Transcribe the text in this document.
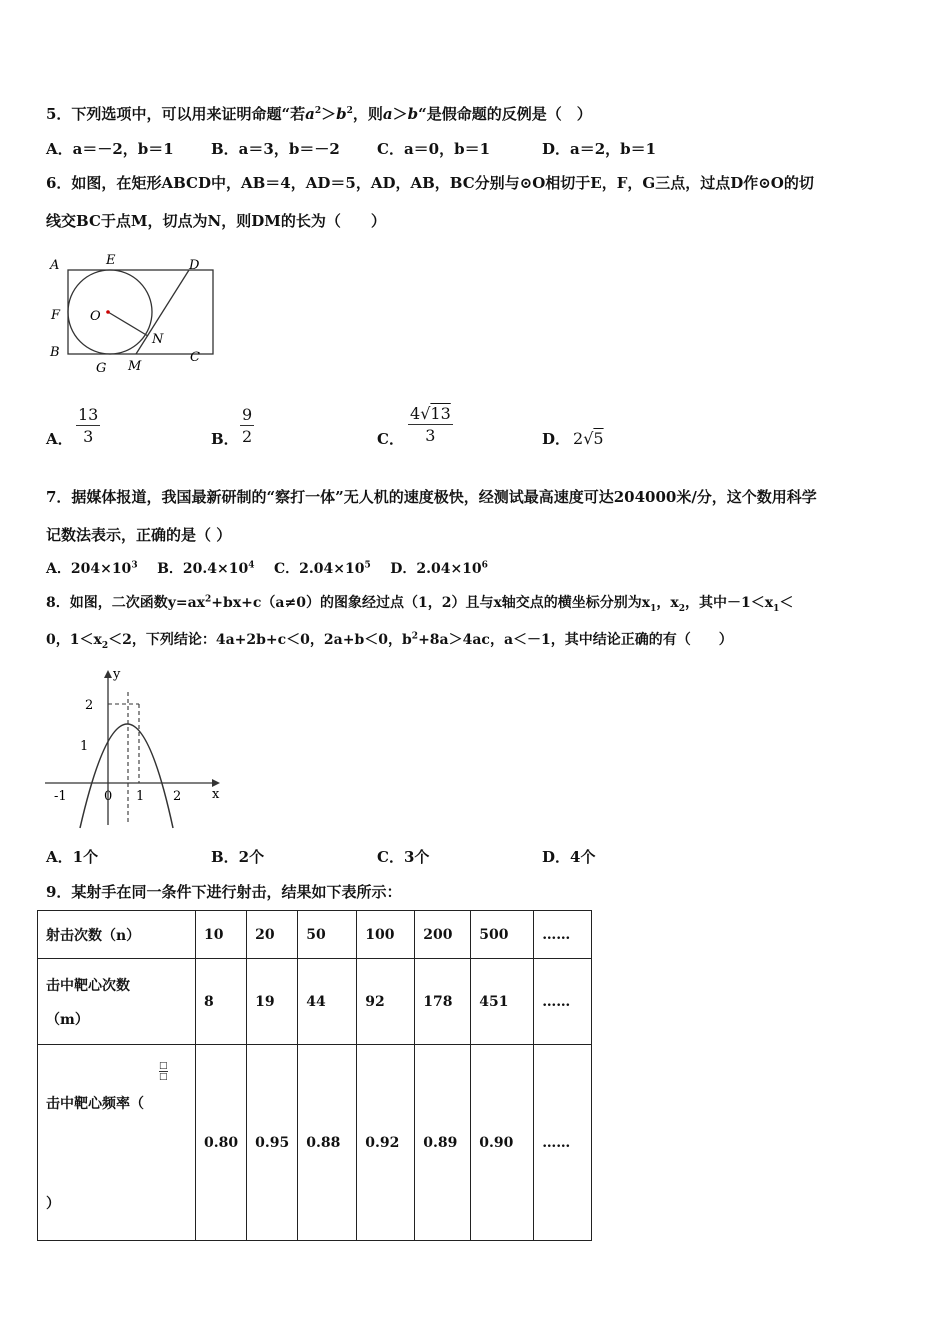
5．下列选项中，可以用来证明命题“若$a^2>b^2$，则a＞b“是假命题的反例是（　）
A．a＝－2，b＝1 B．a＝3，b＝－2 C．a＝0，b＝1	D．a＝2，b＝1
6．如图，在矩形ABCD中，AB＝4，AD＝5，AD，AB，BC分别与⊙O相切于E，F，G三点，过点D作⊙O的切
线交BC于点M，切点为N，则DM的长为（　　）
A	E	D
F O
N
B	C
G M
A．
13
3	B．
9
2	C．
4√13
3	D． 2√5
7．据媒体报道，我国最新研制的“察打一体”无人机的速度极快，经测试最高速度可达204000米/分，这个数用科学
记数法表示，正确的是（ ）
A．$204\times 10^3$ B．$20.4\times 10^4$ C．$2.04\times 10^5$ D．$2.04\times 10^6$
8．如图，二次函数$y=ax^2+bx+c(a\ne 0)$的图象经过点（1，2）且与x轴交点的横坐标分别为$x_1$，$x_2$，其中$-1<x_1<$
0，$1<x_2<2$，下列结论：4a+2b+c＜0，2a+b＜0，$b^2+8a>4ac$，a＜－1，其中结论正确的有（　　）
y
x
-1	0 1 2
1
2
A．1个	B．2个	C．3个	D．4个
9．某射手在同一条件下进行射击，结果如下表所示：
射击次数（n）	10	20	50	100	200	500	……

击中靶心次数
（m）	8	19	44	92	178	451	……

□
□
击中靶心频率（
）	0.80	0.95	0.88	0.92	0.89	0.90	……
